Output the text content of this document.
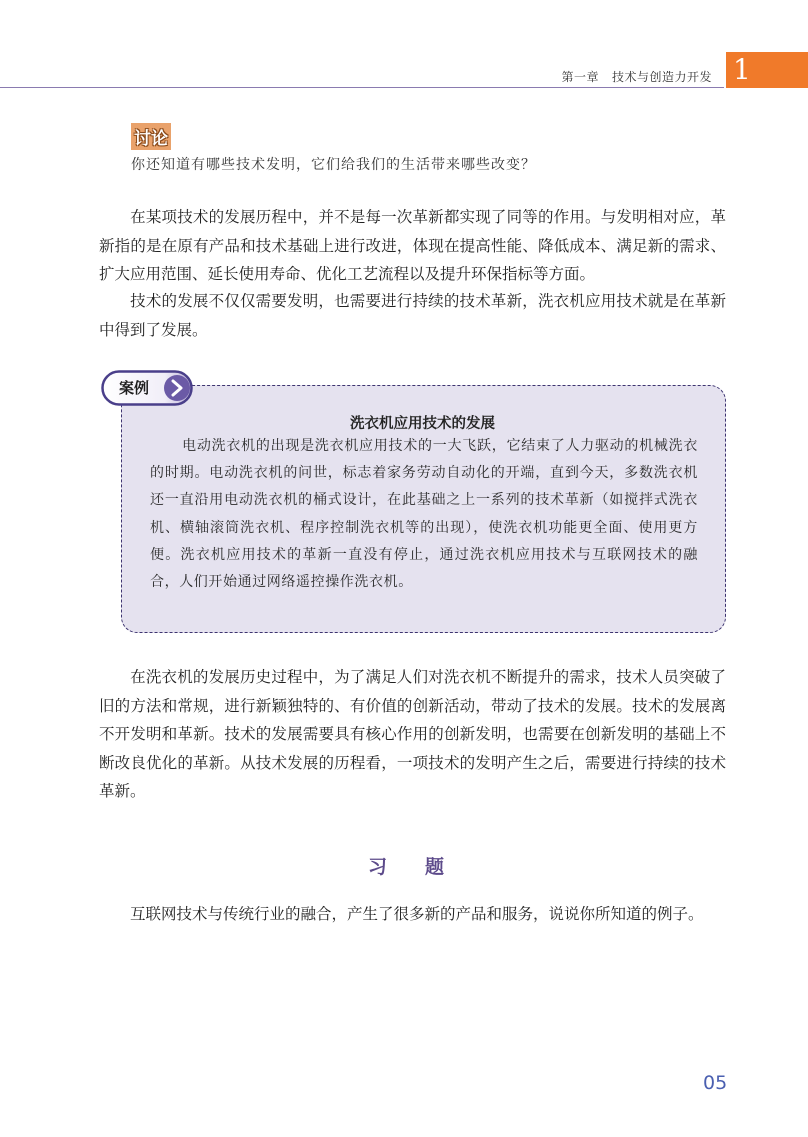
1
第一章 技术与创造力开发
讨论
你还知道有哪些技术发明，它们给我们的生活带来哪些改变？

在某项技术的发展历程中，并不是每一次革新都实现了同等的作用。与发明相对应，革新指的是在原有产品和技术基础上进行改进，体现在提高性能、降低成本、满足新的需求、扩大应用范围、延长使用寿命、优化工艺流程以及提升环保指标等方面。

技术的发展不仅仅需要发明，也需要进行持续的技术革新，洗衣机应用技术就是在革新中得到了发展。

案例
洗衣机应用技术的发展

电动洗衣机的出现是洗衣机应用技术的一大飞跃，它结束了人力驱动的机械洗衣的时期。电动洗衣机的问世，标志着家务劳动自动化的开端，直到今天，多数洗衣机还一直沿用电动洗衣机的桶式设计，在此基础之上一系列的技术革新（如搅拌式洗衣机、横轴滚筒洗衣机、程序控制洗衣机等的出现），使洗衣机功能更全面、使用更方便。洗衣机应用技术的革新一直没有停止，通过洗衣机应用技术与互联网技术的融合，人们开始通过网络遥控操作洗衣机。

在洗衣机的发展历史过程中，为了满足人们对洗衣机不断提升的需求，技术人员突破了旧的方法和常规，进行新颖独特的、有价值的创新活动，带动了技术的发展。技术的发展离不开发明和革新。技术的发展需要具有核心作用的创新发明，也需要在创新发明的基础上不断改良优化的革新。从技术发展的历程看，一项技术的发明产生之后，需要进行持续的技术革新。

习题

互联网技术与传统行业的融合，产生了很多新的产品和服务，说说你所知道的例子。

05
